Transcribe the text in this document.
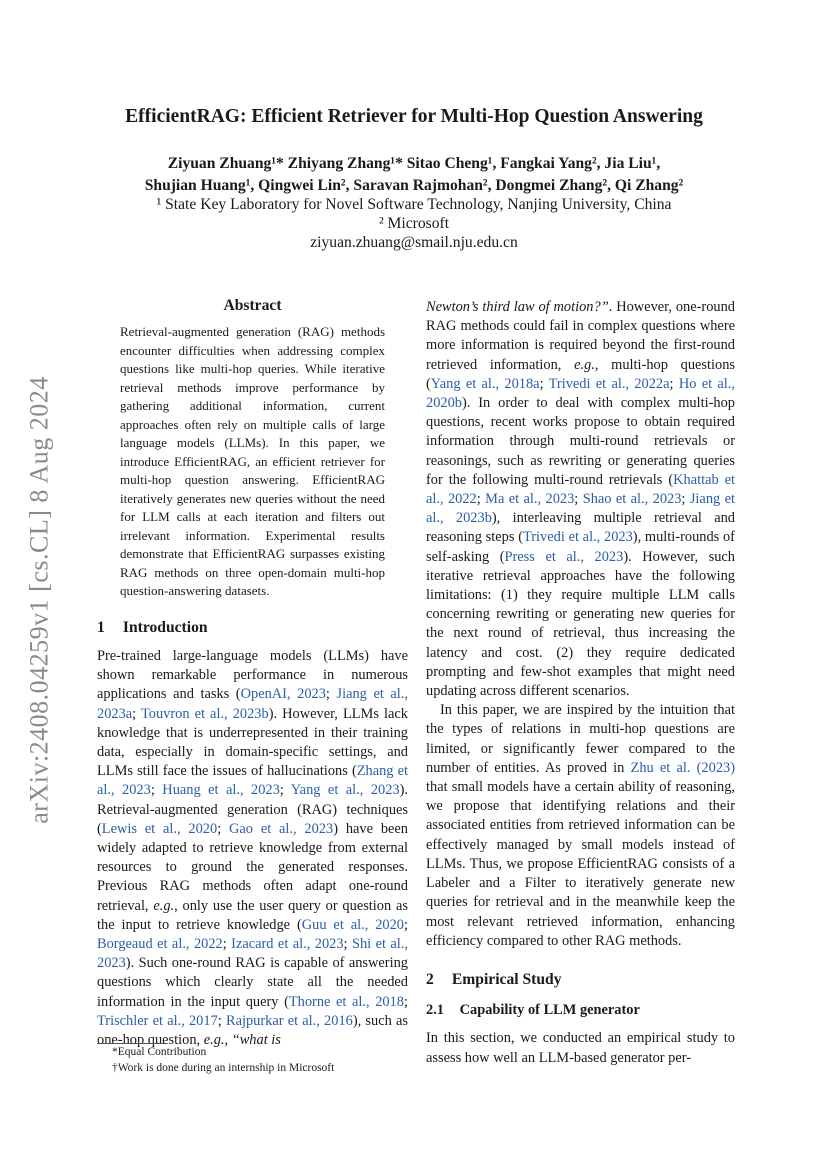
arXiv:2408.04259v1 [cs.CL] 8 Aug 2024
EfficientRAG: Efficient Retriever for Multi-Hop Question Answering
Ziyuan Zhuang¹* Zhiyang Zhang¹* Sitao Cheng¹, Fangkai Yang², Jia Liu¹,
Shujian Huang¹, Qingwei Lin², Saravan Rajmohan², Dongmei Zhang², Qi Zhang²
¹ State Key Laboratory for Novel Software Technology, Nanjing University, China
² Microsoft
ziyuan.zhuang@smail.nju.edu.cn
Abstract
Retrieval-augmented generation (RAG) methods encounter difficulties when addressing complex questions like multi-hop queries. While iterative retrieval methods improve performance by gathering additional information, current approaches often rely on multiple calls of large language models (LLMs). In this paper, we introduce EfficientRAG, an efficient retriever for multi-hop question answering. EfficientRAG iteratively generates new queries without the need for LLM calls at each iteration and filters out irrelevant information. Experimental results demonstrate that EfficientRAG surpasses existing RAG methods on three open-domain multi-hop question-answering datasets.
1 Introduction

Pre-trained large-language models (LLMs) have shown remarkable performance in numerous applications and tasks (OpenAI, 2023; Jiang et al., 2023a; Touvron et al., 2023b). However, LLMs lack knowledge that is underrepresented in their training data, especially in domain-specific settings, and LLMs still face the issues of hallucinations (Zhang et al., 2023; Huang et al., 2023; Yang et al., 2023). Retrieval-augmented generation (RAG) techniques (Lewis et al., 2020; Gao et al., 2023) have been widely adapted to retrieve knowledge from external resources to ground the generated responses. Previous RAG methods often adapt one-round retrieval, e.g., only use the user query or question as the input to retrieve knowledge (Guu et al., 2020; Borgeaud et al., 2022; Izacard et al., 2023; Shi et al., 2023). Such one-round RAG is capable of answering questions which clearly state all the needed information in the input query (Thorne et al., 2018; Trischler et al., 2017; Rajpurkar et al., 2016), such as one-hop question, e.g., “what is

Newton’s third law of motion?”. However, one-round RAG methods could fail in complex questions where more information is required beyond the first-round retrieved information, e.g., multi-hop questions (Yang et al., 2018a; Trivedi et al., 2022a; Ho et al., 2020b). In order to deal with complex multi-hop questions, recent works propose to obtain required information through multi-round retrievals or reasonings, such as rewriting or generating queries for the following multi-round retrievals (Khattab et al., 2022; Ma et al., 2023; Shao et al., 2023; Jiang et al., 2023b), interleaving multiple retrieval and reasoning steps (Trivedi et al., 2023), multi-rounds of self-asking (Press et al., 2023). However, such iterative retrieval approaches have the following limitations: (1) they require multiple LLM calls concerning rewriting or generating new queries for the next round of retrieval, thus increasing the latency and cost. (2) they require dedicated prompting and few-shot examples that might need updating across different scenarios.

In this paper, we are inspired by the intuition that the types of relations in multi-hop questions are limited, or significantly fewer compared to the number of entities. As proved in Zhu et al. (2023) that small models have a certain ability of reasoning, we propose that identifying relations and their associated entities from retrieved information can be effectively managed by small models instead of LLMs. Thus, we propose EfficientRAG consists of a Labeler and a Filter to iteratively generate new queries for retrieval and in the meanwhile keep the most relevant retrieved information, enhancing efficiency compared to other RAG methods.

2 Empirical Study
2.1 Capability of LLM generator

In this section, we conducted an empirical study to assess how well an LLM-based generator per-

*Equal Contribution
†Work is done during an internship in Microsoft
